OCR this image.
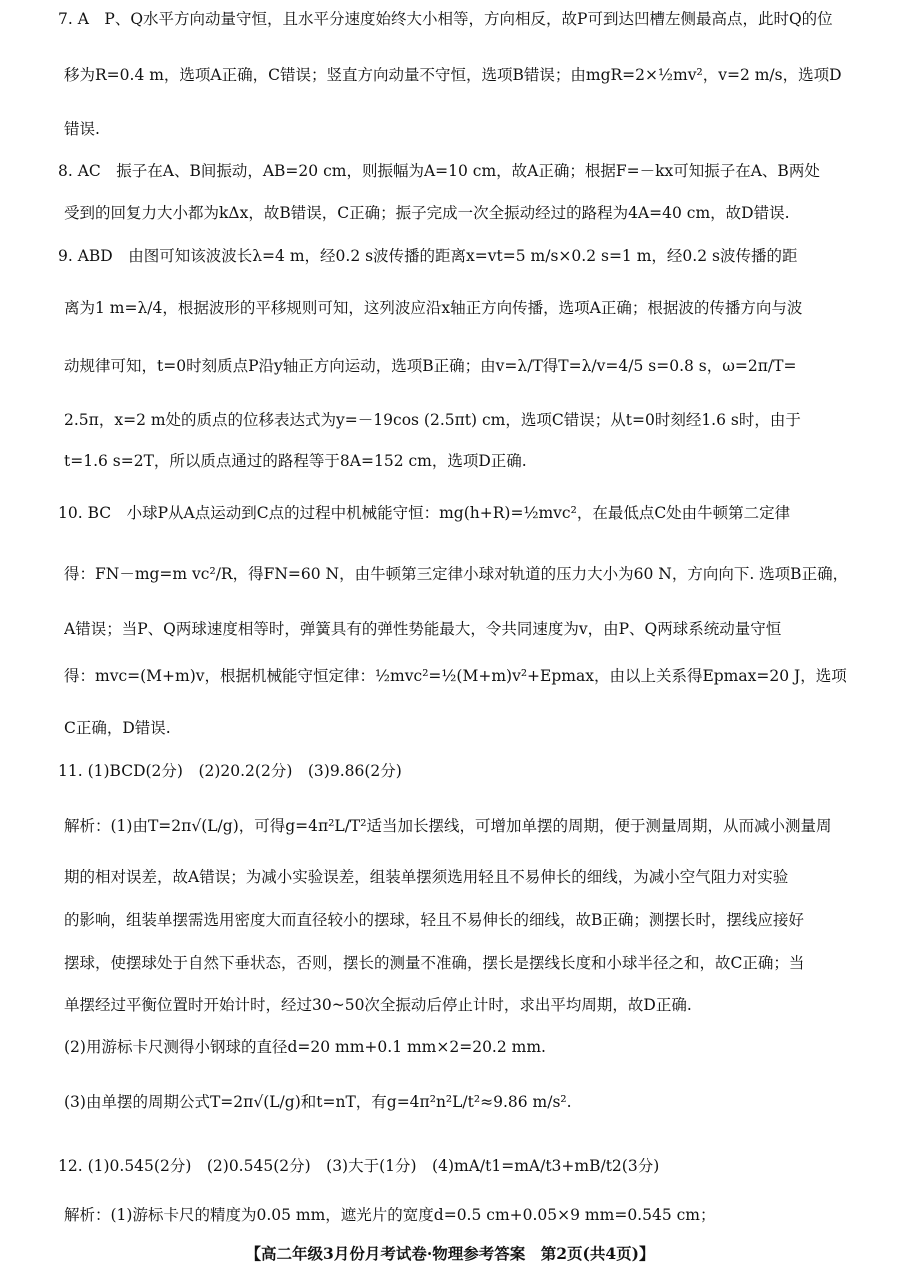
7. A　P、Q水平方向动量守恒，且水平分速度始终大小相等，方向相反，故P可到达凹槽左侧最高点，此时Q的位
移为R=0.4 m，选项A正确，C错误；竖直方向动量不守恒，选项B错误；由mgR=2×½mv²，v=2 m/s，选项D
错误.
8. AC　振子在A、B间振动，AB=20 cm，则振幅为A=10 cm，故A正确；根据F=－kx可知振子在A、B两处
受到的回复力大小都为kΔx，故B错误，C正确；振子完成一次全振动经过的路程为4A=40 cm，故D错误.
9. ABD　由图可知该波波长λ=4 m，经0.2 s波传播的距离x=vt=5 m/s×0.2 s=1 m，经0.2 s波传播的距
离为1 m=λ/4，根据波形的平移规则可知，这列波应沿x轴正方向传播，选项A正确；根据波的传播方向与波
动规律可知，t=0时刻质点P沿y轴正方向运动，选项B正确；由v=λ/T得T=λ/v=4/5 s=0.8 s，ω=2π/T=
2.5π，x=2 m处的质点的位移表达式为y=－19cos (2.5πt) cm，选项C错误；从t=0时刻经1.6 s时，由于
t=1.6 s=2T，所以质点通过的路程等于8A=152 cm，选项D正确.
10. BC　小球P从A点运动到C点的过程中机械能守恒：mg(h+R)=½mvc²，在最低点C处由牛顿第二定律
得：FN－mg=m vc²/R，得FN=60 N，由牛顿第三定律小球对轨道的压力大小为60 N，方向向下. 选项B正确，
A错误；当P、Q两球速度相等时，弹簧具有的弹性势能最大，令共同速度为v，由P、Q两球系统动量守恒
得：mvc=(M+m)v，根据机械能守恒定律：½mvc²=½(M+m)v²+Epmax，由以上关系得Epmax=20 J，选项
C正确，D错误.
11. (1)BCD(2分)　(2)20.2(2分)　(3)9.86(2分)
解析：(1)由T=2π√(L/g)，可得g=4π²L/T²适当加长摆线，可增加单摆的周期，便于测量周期，从而减小测量周
期的相对误差，故A错误；为减小实验误差，组装单摆须选用轻且不易伸长的细线，为减小空气阻力对实验
的影响，组装单摆需选用密度大而直径较小的摆球，轻且不易伸长的细线，故B正确；测摆长时，摆线应接好
摆球，使摆球处于自然下垂状态，否则，摆长的测量不准确，摆长是摆线长度和小球半径之和，故C正确；当
单摆经过平衡位置时开始计时，经过30~50次全振动后停止计时，求出平均周期，故D正确.
(2)用游标卡尺测得小钢球的直径d=20 mm+0.1 mm×2=20.2 mm.
(3)由单摆的周期公式T=2π√(L/g)和t=nT，有g=4π²n²L/t²≈9.86 m/s².
12. (1)0.545(2分)　(2)0.545(2分)　(3)大于(1分)　(4)mA/t1=mA/t3+mB/t2(3分)
解析：(1)游标卡尺的精度为0.05 mm，遮光片的宽度d=0.5 cm+0.05×9 mm=0.545 cm；
【高二年级3月份月考试卷·物理参考答案　第2页(共4页)】
